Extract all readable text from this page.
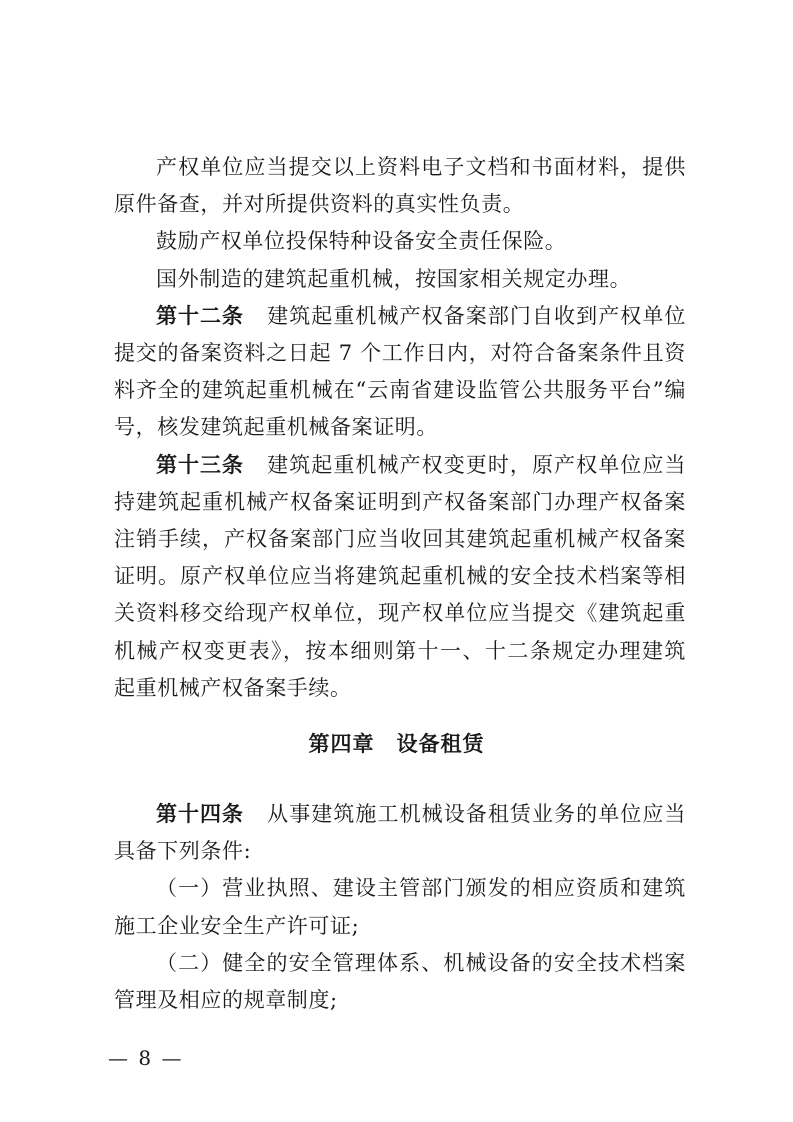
产权单位应当提交以上资料电子文档和书面材料，提供原件备查，并对所提供资料的真实性负责。

鼓励产权单位投保特种设备安全责任保险。

国外制造的建筑起重机械，按国家相关规定办理。

第十二条 建筑起重机械产权备案部门自收到产权单位提交的备案资料之日起 7 个工作日内，对符合备案条件且资料齐全的建筑起重机械在“云南省建设监管公共服务平台”编号，核发建筑起重机械备案证明。

第十三条 建筑起重机械产权变更时，原产权单位应当持建筑起重机械产权备案证明到产权备案部门办理产权备案注销手续，产权备案部门应当收回其建筑起重机械产权备案证明。原产权单位应当将建筑起重机械的安全技术档案等相关资料移交给现产权单位，现产权单位应当提交《建筑起重机械产权变更表》，按本细则第十一、十二条规定办理建筑起重机械产权备案手续。

第四章 设备租赁

第十四条 从事建筑施工机械设备租赁业务的单位应当具备下列条件:

（一）营业执照、建设主管部门颁发的相应资质和建筑施工企业安全生产许可证;

（二）健全的安全管理体系、机械设备的安全技术档案管理及相应的规章制度;

— 8 —
